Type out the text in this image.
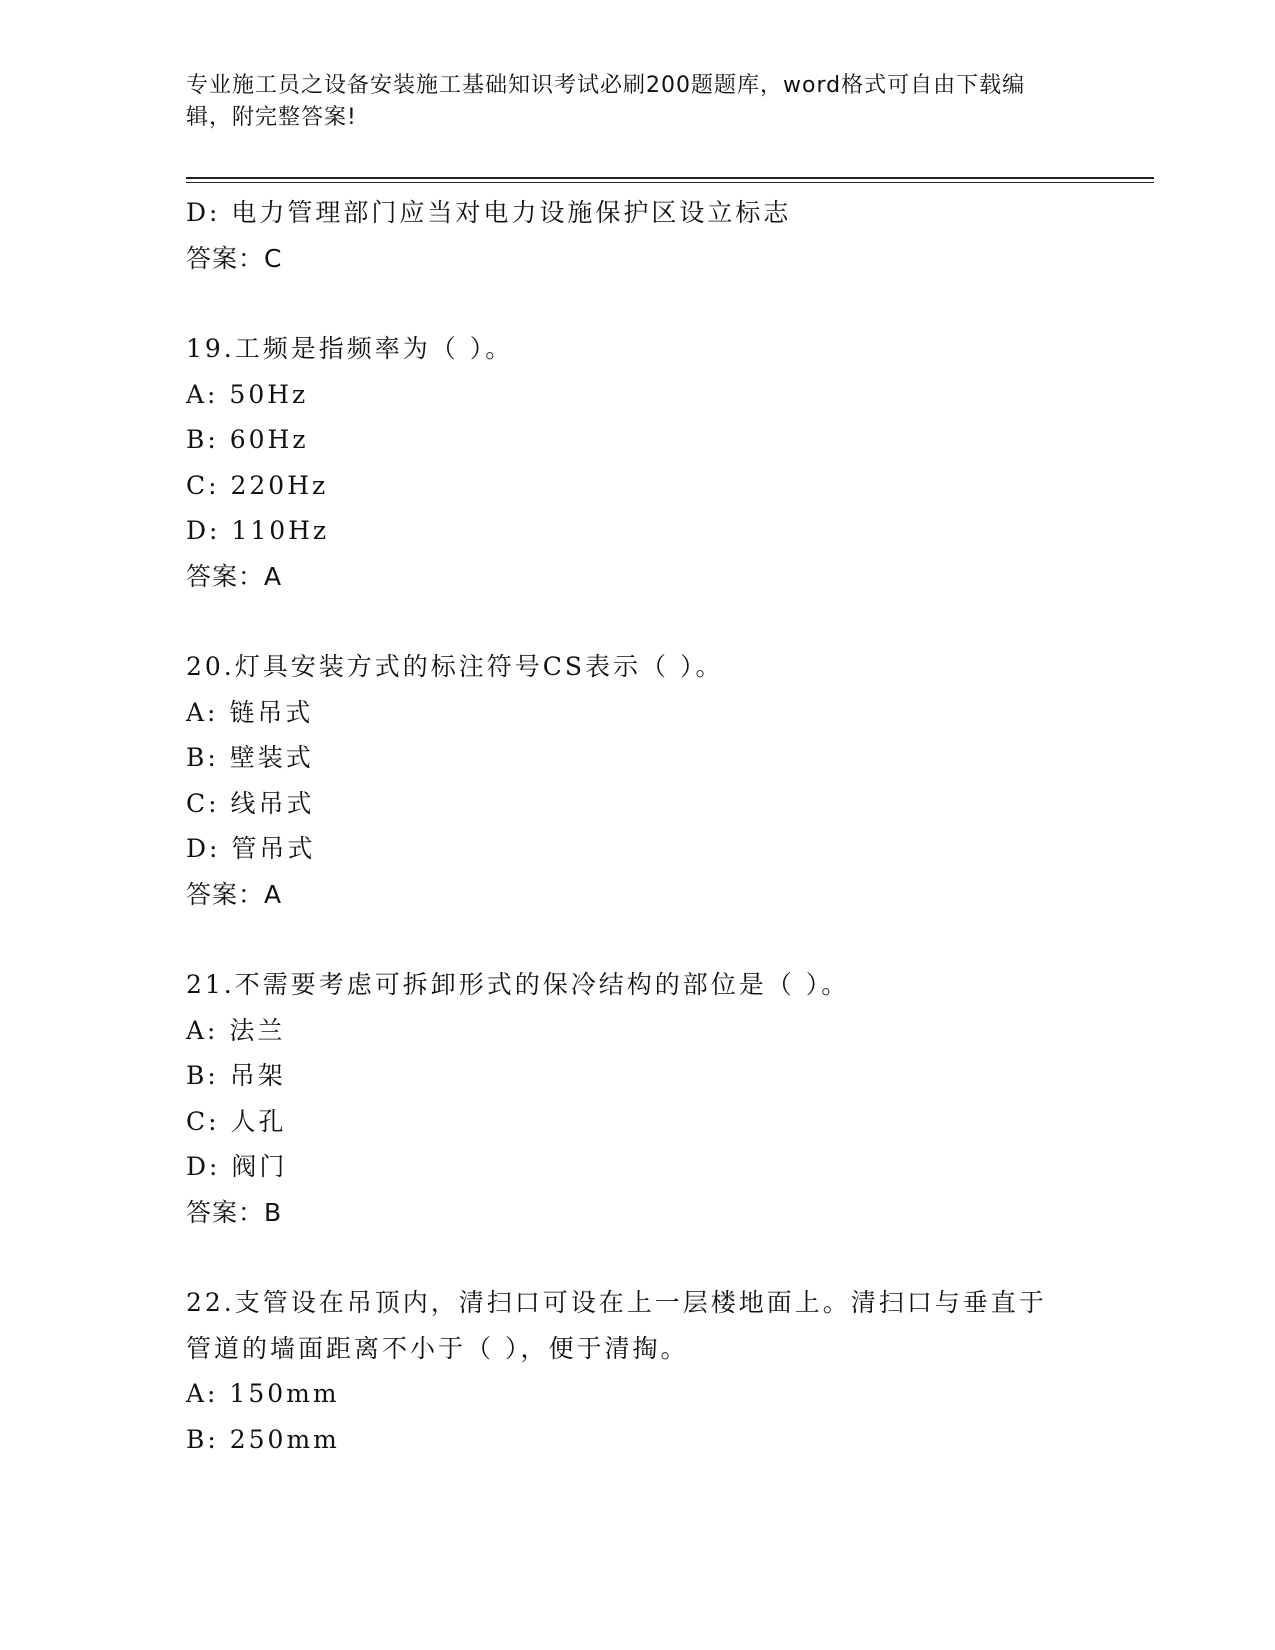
专业施工员之设备安装施工基础知识考试必刷200题题库，word格式可自由下载编辑，附完整答案!
D: 电力管理部门应当对电力设施保护区设立标志
答案：C
19.工频是指频率为（ ）。
A: 50Hz
B: 60Hz
C: 220Hz
D: 110Hz
答案：A
20.灯具安装方式的标注符号CS表示（ ）。
A: 链吊式
B: 壁装式
C: 线吊式
D: 管吊式
答案：A
21.不需要考虑可拆卸形式的保冷结构的部位是（ ）。
A: 法兰
B: 吊架
C: 人孔
D: 阀门
答案：B
22.支管设在吊顶内，清扫口可设在上一层楼地面上。清扫口与垂直于
管道的墙面距离不小于（ ），便于清掏。
A: 150mm
B: 250mm
